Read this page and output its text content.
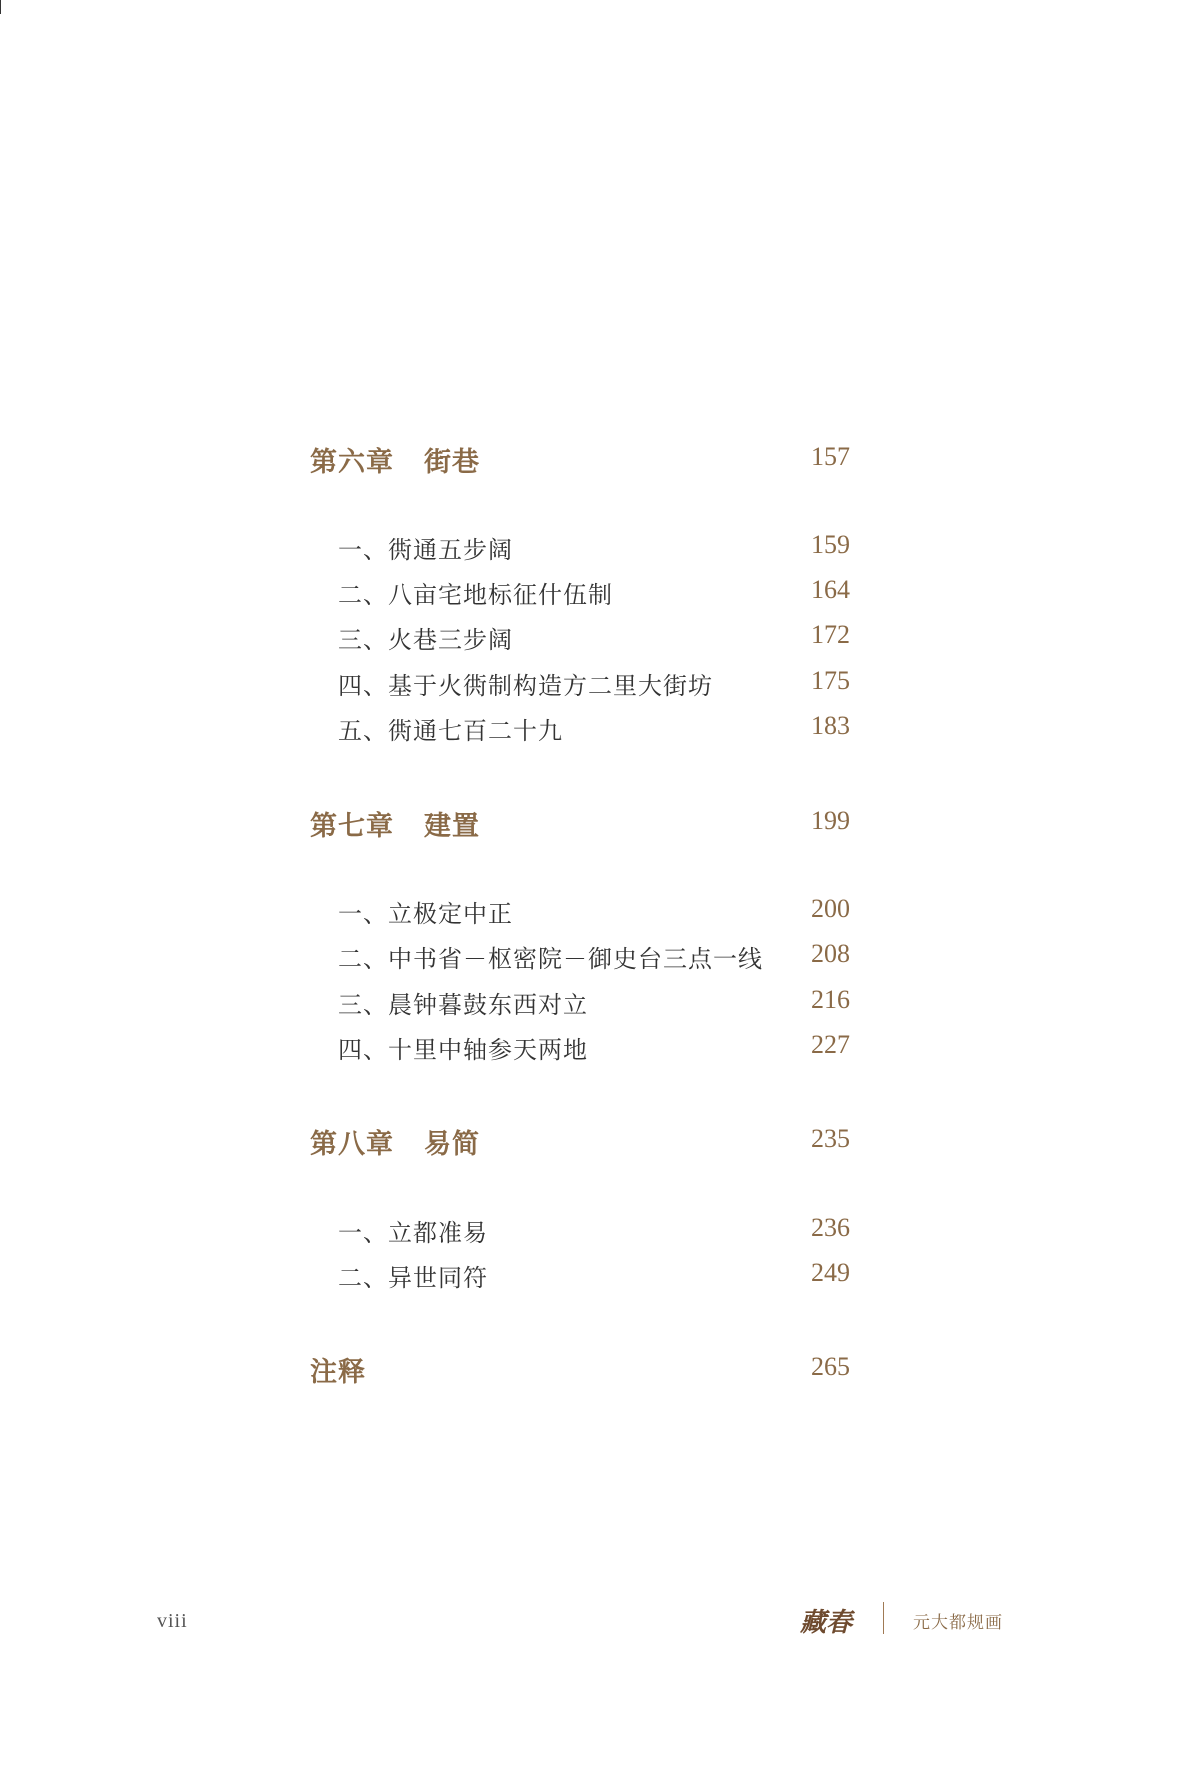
第六章 街巷	157
一、衖通五步阔	159
二、八亩宅地标征什伍制	164
三、火巷三步阔	172
四、基于火衖制构造方二里大街坊	175
五、衖通七百二十九	183
第七章 建置	199
一、立极定中正	200
二、中书省－枢密院－御史台三点一线 208
三、晨钟暮鼓东西对立	216
四、十里中轴参天两地	227
第八章 易简	235
一、立都准易	236
二、异世同符	249
注释	265
viii	藏春	元大都规画
